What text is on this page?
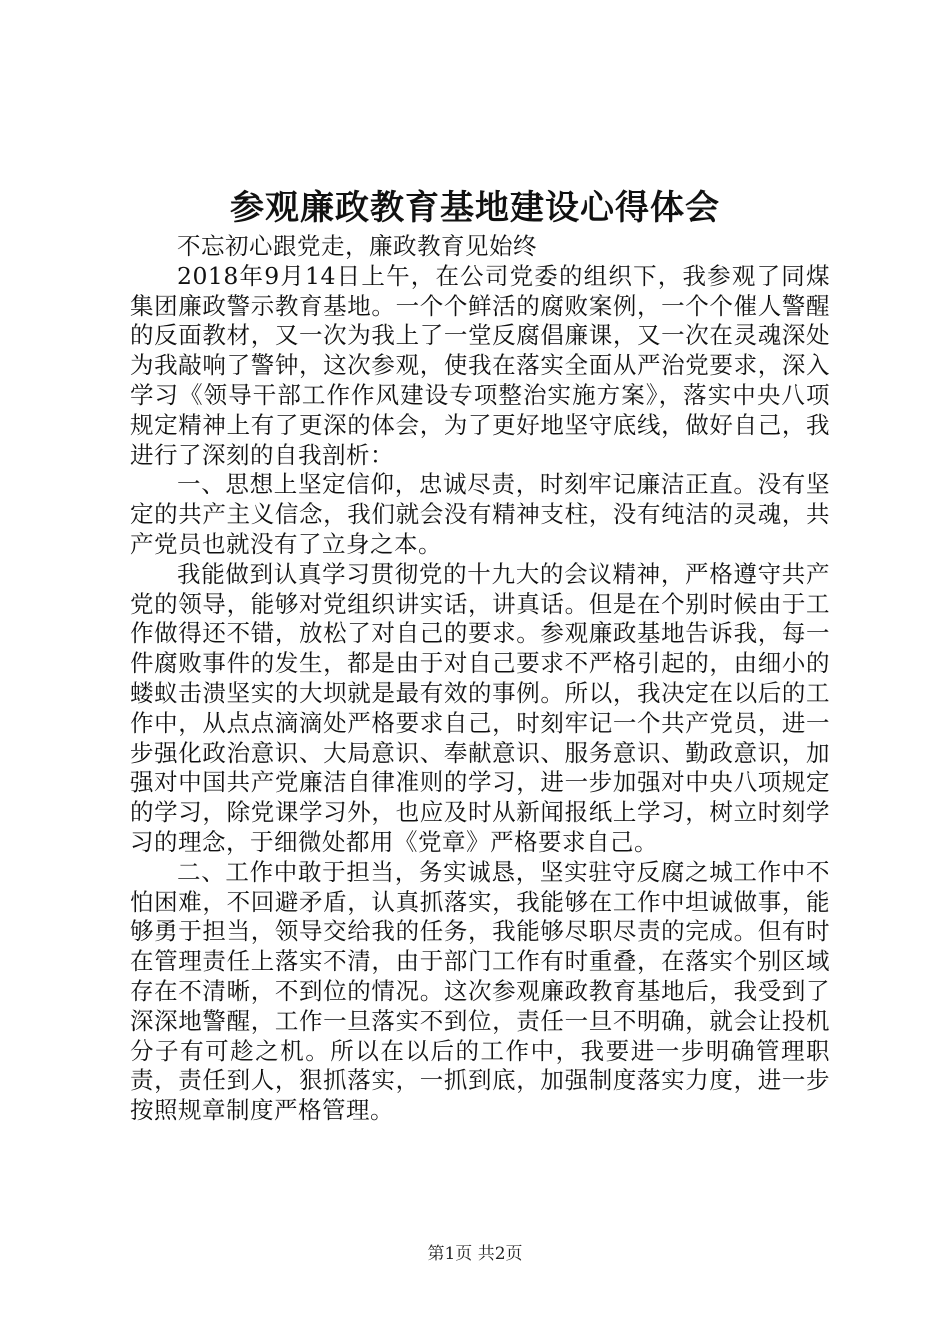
参观廉政教育基地建设心得体会

不忘初心跟党走，廉政教育见始终

2018年9月14日上午，在公司党委的组织下，我参观了同煤集团廉政警示教育基地。一个个鲜活的腐败案例，一个个催人警醒的反面教材，又一次为我上了一堂反腐倡廉课，又一次在灵魂深处为我敲响了警钟，这次参观，使我在落实全面从严治党要求，深入学习《领导干部工作作风建设专项整治实施方案》，落实中央八项规定精神上有了更深的体会，为了更好地坚守底线，做好自己，我进行了深刻的自我剖析：

一、思想上坚定信仰，忠诚尽责，时刻牢记廉洁正直。没有坚定的共产主义信念，我们就会没有精神支柱，没有纯洁的灵魂，共产党员也就没有了立身之本。

我能做到认真学习贯彻党的十九大的会议精神，严格遵守共产党的领导，能够对党组织讲实话，讲真话。但是在个别时候由于工作做得还不错，放松了对自己的要求。参观廉政基地告诉我，每一件腐败事件的发生，都是由于对自己要求不严格引起的，由细小的蝼蚁击溃坚实的大坝就是最有效的事例。所以，我决定在以后的工作中，从点点滴滴处严格要求自己，时刻牢记一个共产党员，进一步强化政治意识、大局意识、奉献意识、服务意识、勤政意识，加强对中国共产党廉洁自律准则的学习，进一步加强对中央八项规定的学习，除党课学习外，也应及时从新闻报纸上学习，树立时刻学习的理念，于细微处都用《党章》严格要求自己。

二、工作中敢于担当，务实诚恳，坚实驻守反腐之城工作中不怕困难，不回避矛盾，认真抓落实，我能够在工作中坦诚做事，能够勇于担当，领导交给我的任务，我能够尽职尽责的完成。但有时在管理责任上落实不清，由于部门工作有时重叠，在落实个别区域存在不清晰，不到位的情况。这次参观廉政教育基地后，我受到了深深地警醒，工作一旦落实不到位，责任一旦不明确，就会让投机分子有可趁之机。所以在以后的工作中，我要进一步明确管理职责，责任到人，狠抓落实，一抓到底，加强制度落实力度，进一步按照规章制度严格管理。

第1页 共2页
